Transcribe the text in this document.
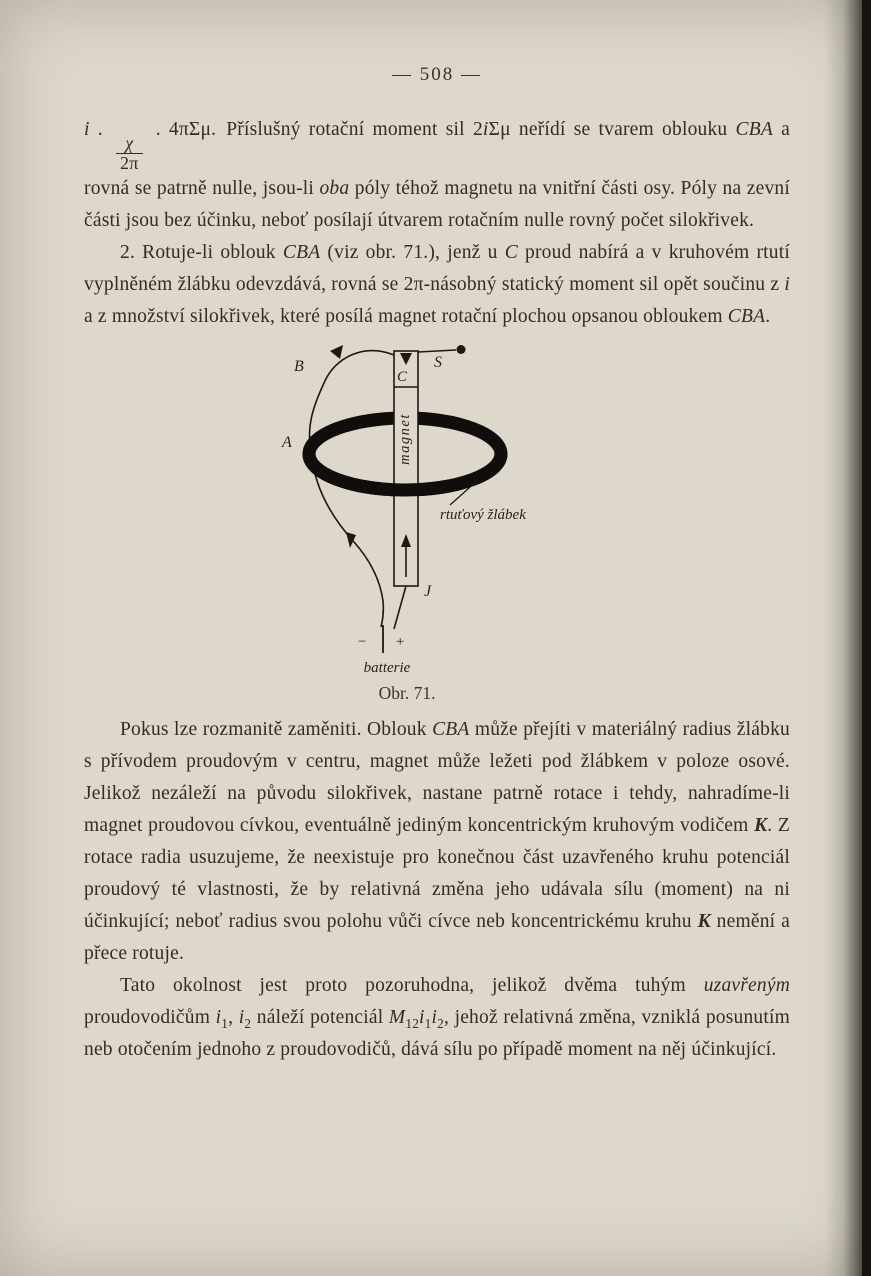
— 508 —

i .
$\frac{\chi}{2\pi}$
. 4πΣμ. Příslušný rotační moment sil 2iΣμ neřídí se tvarem oblouku CBA a rovná se patrně nulle, jsou-li oba póly téhož magnetu na vnitřní části osy. Póly na zevní části jsou bez účinku, neboť posílají útvarem rotačním nulle rovný počet silokřivek.

2. Rotuje-li oblouk CBA (viz obr. 71.), jenž u C proud nabírá a v kruhovém rtutí vyplněném žlábku odevzdává, rovná se 2π-násobný statický moment sil opět součinu z i a z množství silokřivek, které posílá magnet rotační plochou opsanou obloukem CBA.

C
S
magnet
rtuťový žlábek
B
A
J
− +
batterie
Obr. 71.

Pokus lze rozmanitě zaměniti. Oblouk CBA může přejíti v materiálný radius žlábku s přívodem proudovým v centru, magnet může ležeti pod žlábkem v poloze osové. Jelikož nezáleží na původu silokřivek, nastane patrně rotace i tehdy, nahradíme-li magnet proudovou cívkou, eventuálně jediným koncentrickým kruhovým vodičem K. Z rotace radia usuzujeme, že neexistuje pro konečnou část uzavřeného kruhu potenciál proudový té vlastnosti, že by relativná změna jeho udávala sílu (moment) na ni účinkující; neboť radius svou polohu vůči cívce neb koncentrickému kruhu K nemění a přece rotuje.

Tato okolnost jest proto pozoruhodna, jelikož dvěma tuhým uzavřeným proudovodičům $i_1$, $i_2$ náleží potenciál $M_{12}i_1i_2$, jehož relativná změna, vzniklá posunutím neb otočením jednoho z proudovodičů, dává sílu po případě moment na něj účinkující.
